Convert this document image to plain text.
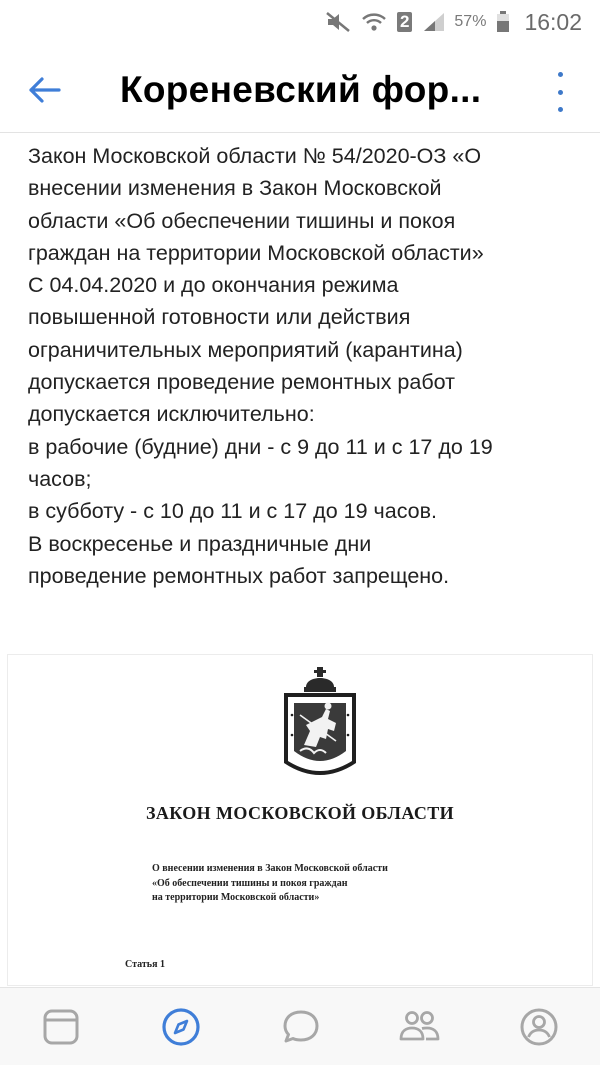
2	57% 16:02
Кореневский фор...
Закон Московской области № 54/2020-ОЗ «О
внесении изменения в Закон Московской
области «Об обеспечении тишины и покоя
граждан на территории Московской области»
С 04.04.2020 и до окончания режима
повышенной готовности или действия
ограничительных мероприятий (карантина)
допускается проведение ремонтных работ
допускается исключительно:
в рабочие (будние) дни - с 9 до 11 и с 17 до 19
часов;
в субботу - с 10 до 11 и с 17 до 19 часов.
В воскресенье и праздничные дни
проведение ремонтных работ запрещено.
ЗАКОН МОСКОВСКОЙ ОБЛАСТИ
О внесении изменения в Закон Московской области
«Об обеспечении тишины и покоя граждан
на территории Московской области»
Статья 1
